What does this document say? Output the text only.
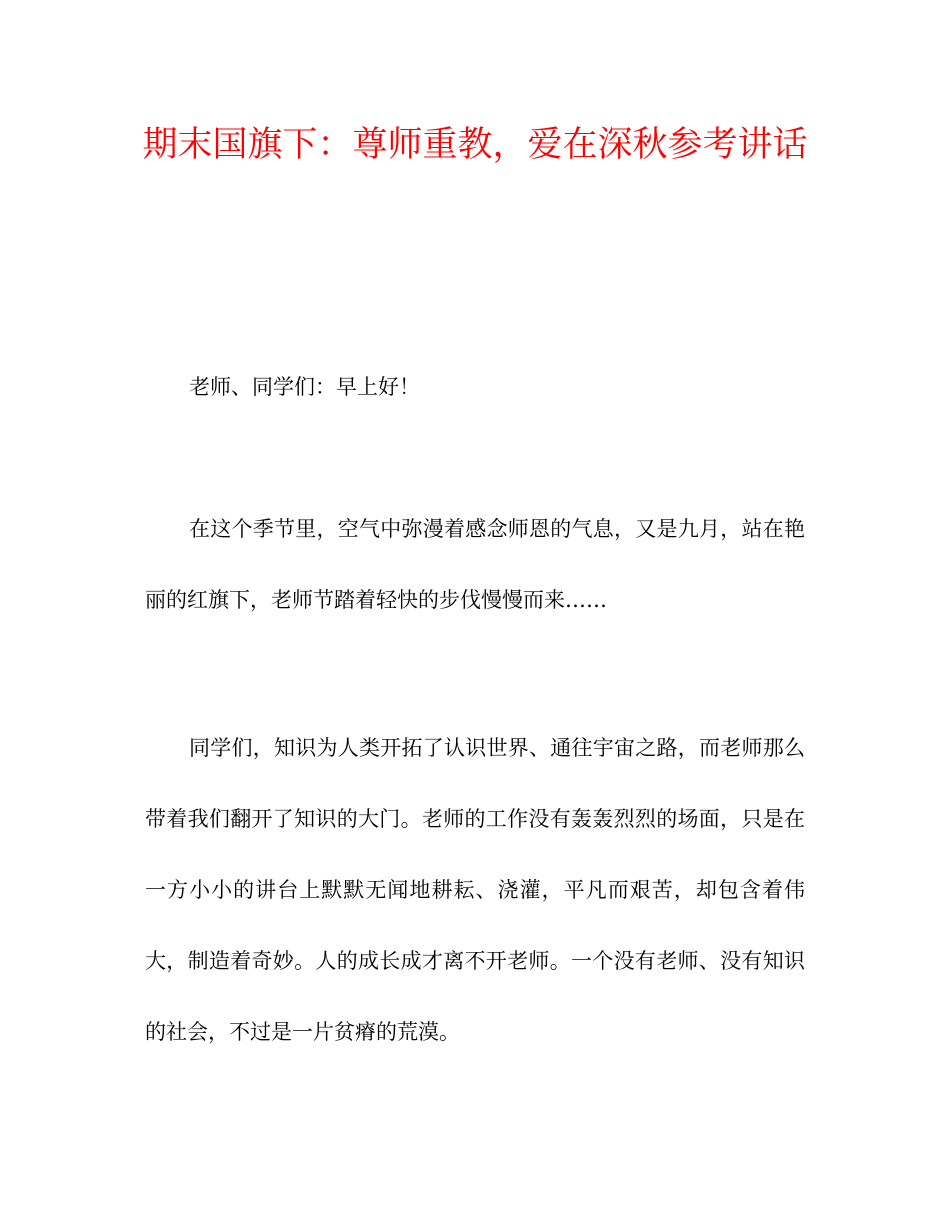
期末国旗下：尊师重教，爱在深秋参考讲话

老师、同学们：早上好！

在这个季节里，空气中弥漫着感念师恩的气息，又是九月，站在艳丽的红旗下，老师节踏着轻快的步伐慢慢而来……

同学们，知识为人类开拓了认识世界、通往宇宙之路，而老师那么带着我们翻开了知识的大门。老师的工作没有轰轰烈烈的场面，只是在一方小小的讲台上默默无闻地耕耘、浇灌，平凡而艰苦，却包含着伟大，制造着奇妙。人的成长成才离不开老师。一个没有老师、没有知识的社会，不过是一片贫瘠的荒漠。
